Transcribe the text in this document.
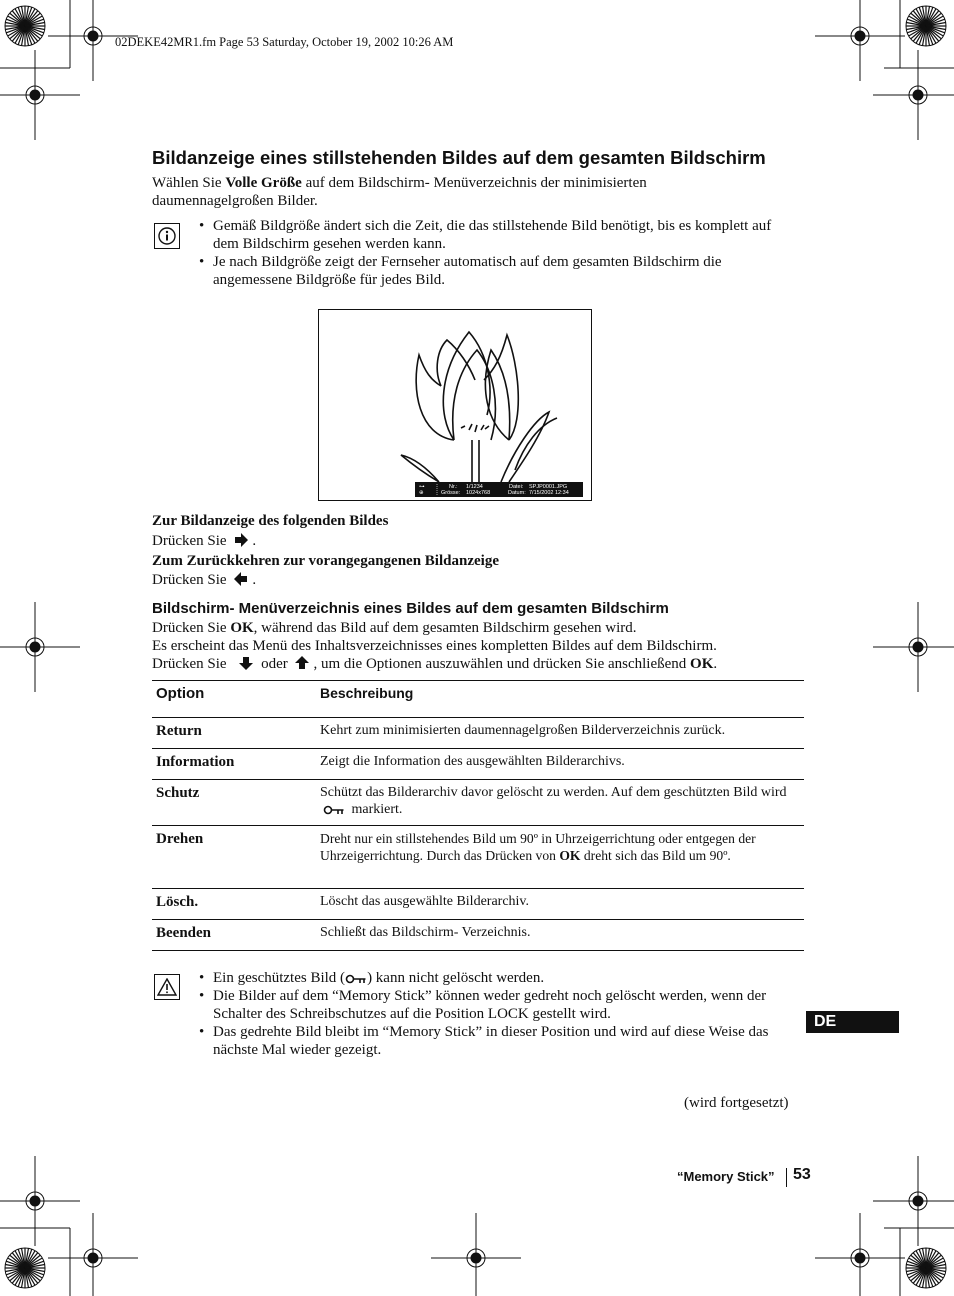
02DEKE42MR1.fm Page 53 Saturday, October 19, 2002 10:26 AM
Bildanzeige eines stillstehenden Bildes auf dem gesamten Bildschirm
Wählen Sie Volle Größe auf dem Bildschirm- Menüverzeichnis der minimisierten
daumennagelgroßen Bilder.
• Gemäß Bildgröße ändert sich die Zeit, die das stillstehende Bild benötigt, bis es komplett auf dem Bildschirm gesehen werden kann.
• Je nach Bildgröße zeigt der Fernseher automatisch auf dem gesamten Bildschirm die angemessene Bildgröße für jedes Bild.
⊶
⊕
Nr.: 1/1234
Grösse: 1024x768
Datei: SPJP0001.JPG
Datum: 7/15/2002 12:34
Zur Bildanzeige des folgenden Bildes
Drücken Sie .
Zum Zurückkehren zur vorangegangenen Bildanzeige
Drücken Sie .
Bildschirm- Menüverzeichnis eines Bildes auf dem gesamten Bildschirm
Drücken Sie OK, während das Bild auf dem gesamten Bildschirm gesehen wird.
Es erscheint das Menü des Inhaltsverzeichnisses eines kompletten Bildes auf dem Bildschirm.
Drücken Sie oder , um die Optionen auszuwählen und drücken Sie anschließend OK.
Option	Beschreibung
Return	Kehrt zum minimisierten daumennagelgroßen Bilderverzeichnis zurück.
Information	Zeigt die Information des ausgewählten Bilderarchivs.
Schutz	Schützt das Bilderarchiv davor gelöscht zu werden. Auf dem geschützten Bild wird  markiert.
Drehen	Dreht nur ein stillstehendes Bild um 90º in Uhrzeigerrichtung oder entgegen der Uhrzeigerrichtung. Durch das Drücken von OK dreht sich das Bild um 90º.
Lösch.	Löscht das ausgewählte Bilderarchiv.
Beenden	Schließt das Bildschirm- Verzeichnis.
• Ein geschütztes Bild ( ) kann nicht gelöscht werden.
• Die Bilder auf dem “Memory Stick” können weder gedreht noch gelöscht werden, wenn der Schalter des Schreibschutzes auf die Position LOCK gestellt wird.
• Das gedrehte Bild bleibt im “Memory Stick” in dieser Position und wird auf diese Weise das nächste Mal wieder gezeigt.
DE
(wird fortgesetzt)
“Memory Stick” 53
